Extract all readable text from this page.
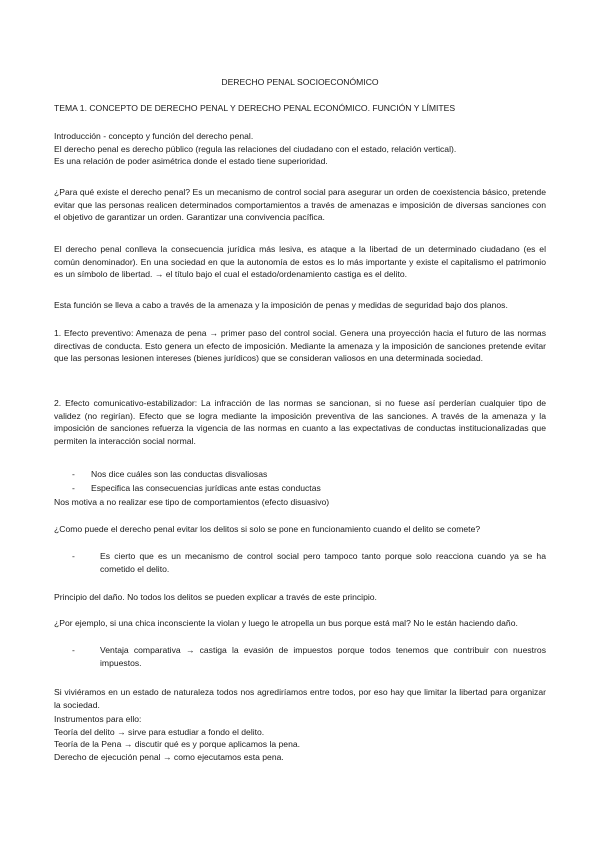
DERECHO PENAL SOCIOECONÓMICO
TEMA 1. CONCEPTO DE DERECHO PENAL Y DERECHO PENAL ECONÓMICO. FUNCIÓN Y LÍMITES
Introducción - concepto y función del derecho penal.
El derecho penal es derecho público (regula las relaciones del ciudadano con el estado, relación vertical).
Es una relación de poder asimétrica donde el estado tiene superioridad.
¿Para qué existe el derecho penal? Es un mecanismo de control social para asegurar un orden de coexistencia básico, pretende evitar que las personas realicen determinados comportamientos a través de amenazas e imposición de diversas sanciones con el objetivo de garantizar un orden. Garantizar una convivencia pacífica.
El derecho penal conlleva la consecuencia jurídica más lesiva, es ataque a la libertad de un determinado ciudadano (es el común denominador). En una sociedad en que la autonomía de estos es lo más importante y existe el capitalismo el patrimonio es un símbolo de libertad. → el título bajo el cual el estado/ordenamiento castiga es el delito.
Esta función se lleva a cabo a través de la amenaza y la imposición de penas y medidas de seguridad bajo dos planos.
1. Efecto preventivo: Amenaza de pena → primer paso del control social. Genera una proyección hacia el futuro de las normas directivas de conducta. Esto genera un efecto de imposición. Mediante la amenaza y la imposición de sanciones pretende evitar que las personas lesionen intereses (bienes jurídicos) que se consideran valiosos en una determinada sociedad.
2. Efecto comunicativo-estabilizador: La infracción de las normas se sancionan, si no fuese así perderían cualquier tipo de validez (no regirían). Efecto que se logra mediante la imposición preventiva de las sanciones. A través de la amenaza y la imposición de sanciones refuerza la vigencia de las normas en cuanto a las expectativas de conductas institucionalizadas que permiten la interacción social normal.
- Nos dice cuáles son las conductas disvaliosas
- Especifica las consecuencias jurídicas ante estas conductas
Nos motiva a no realizar ese tipo de comportamientos (efecto disuasivo)
¿Como puede el derecho penal evitar los delitos si solo se pone en funcionamiento cuando el delito se comete?
-	Es cierto que es un mecanismo de control social pero tampoco tanto porque solo reacciona cuando ya se ha cometido el delito.
Principio del daño. No todos los delitos se pueden explicar a través de este principio.
¿Por ejemplo, si una chica inconsciente la violan y luego le atropella un bus porque está mal? No le están haciendo daño.
-	Ventaja comparativa → castiga la evasión de impuestos porque todos tenemos que contribuir con nuestros impuestos.
Si viviéramos en un estado de naturaleza todos nos agrediríamos entre todos, por eso hay que limitar la libertad para organizar la sociedad.
Instrumentos para ello:
Teoría del delito → sirve para estudiar a fondo el delito.
Teoría de la Pena → discutir qué es y porque aplicamos la pena.
Derecho de ejecución penal → como ejecutamos esta pena.
